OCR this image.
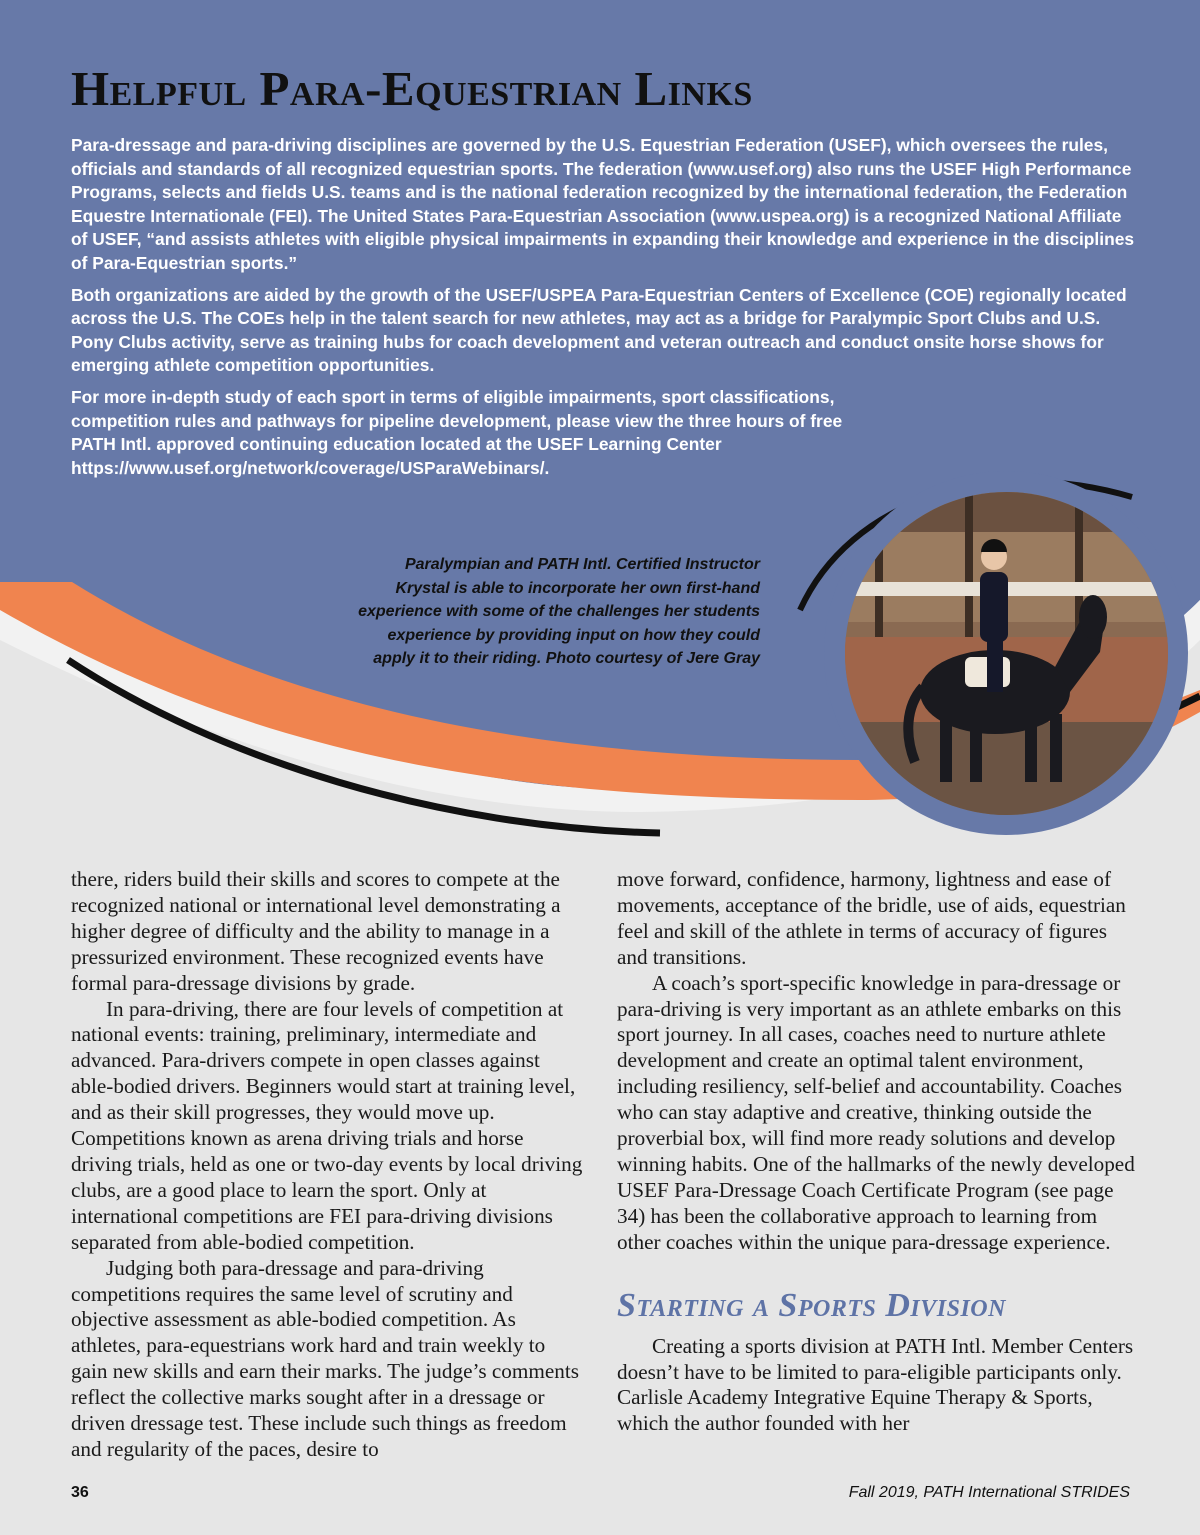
Helpful Para-Equestrian Links

Para-dressage and para-driving disciplines are governed by the U.S. Equestrian Federation (USEF), which oversees the rules, officials and standards of all recognized equestrian sports. The federation (www.usef.org) also runs the USEF High Performance Programs, selects and fields U.S. teams and is the national federation recognized by the international federation, the Federation Equestre Internationale (FEI). The United States Para-Equestrian Association (www.uspea.org) is a recognized National Affiliate of USEF, “and assists athletes with eligible physical impairments in expanding their knowledge and experience in the disciplines of Para-Equestrian sports.”

Both organizations are aided by the growth of the USEF/USPEA Para-Equestrian Centers of Excellence (COE) regionally located across the U.S. The COEs help in the talent search for new athletes, may act as a bridge for Paralympic Sport Clubs and U.S. Pony Clubs activity, serve as training hubs for coach development and veteran outreach and conduct onsite horse shows for emerging athlete competition opportunities.

For more in-depth study of each sport in terms of eligible impairments, sport classifications, competition rules and pathways for pipeline development, please view the three hours of free PATH Intl. approved continuing education located at the USEF Learning Center https://www.usef.org/network/coverage/USParaWebinars/.

Paralympian and PATH Intl. Certified Instructor Krystal is able to incorporate her own first-hand experience with some of the challenges her students experience by providing input on how they could apply it to their riding. Photo courtesy of Jere Gray

there, riders build their skills and scores to compete at the recognized national or international level demonstrating a higher degree of difficulty and the ability to manage in a pressurized environment. These recognized events have formal para-dressage divisions by grade.

In para-driving, there are four levels of competition at national events: training, preliminary, intermediate and advanced. Para-drivers compete in open classes against able-bodied drivers. Beginners would start at training level, and as their skill progresses, they would move up. Competitions known as arena driving trials and horse driving trials, held as one or two-day events by local driving clubs, are a good place to learn the sport. Only at international competitions are FEI para-driving divisions separated from able-bodied competition.

Judging both para-dressage and para-driving competitions requires the same level of scrutiny and objective assessment as able-bodied competition. As athletes, para-equestrians work hard and train weekly to gain new skills and earn their marks. The judge’s comments reflect the collective marks sought after in a dressage or driven dressage test. These include such things as freedom and regularity of the paces, desire to

move forward, confidence, harmony, lightness and ease of movements, acceptance of the bridle, use of aids, equestrian feel and skill of the athlete in terms of accuracy of figures and transitions.

A coach’s sport-specific knowledge in para-dressage or para-driving is very important as an athlete embarks on this sport journey. In all cases, coaches need to nurture athlete development and create an optimal talent environment, including resiliency, self-belief and accountability. Coaches who can stay adaptive and creative, thinking outside the proverbial box, will find more ready solutions and develop winning habits. One of the hallmarks of the newly developed USEF Para-Dressage Coach Certificate Program (see page 34) has been the collaborative approach to learning from other coaches within the unique para-dressage experience.

Starting a Sports Division

Creating a sports division at PATH Intl. Member Centers doesn’t have to be limited to para-eligible participants only. Carlisle Academy Integrative Equine Therapy & Sports, which the author founded with her

36	Fall 2019, PATH International STRIDES
